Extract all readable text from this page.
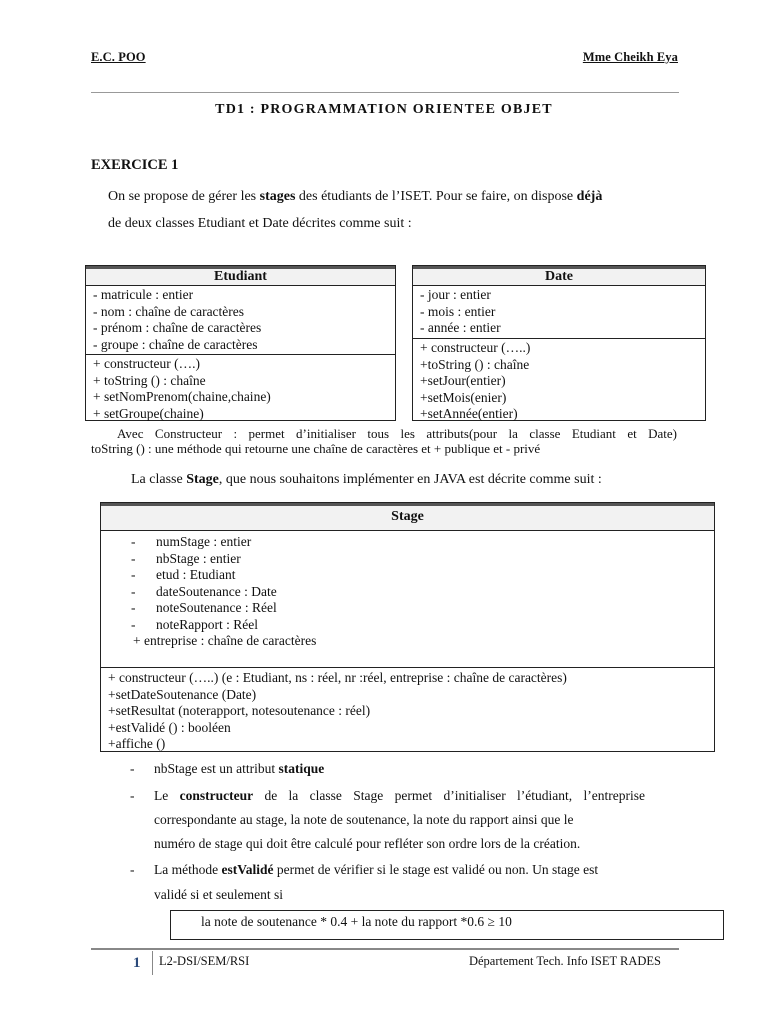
E.C. POO	Mme Cheikh Eya
TD1 : PROGRAMMATION ORIENTEE OBJET
EXERCICE 1
On se propose de gérer les stages des étudiants de l’ISET. Pour se faire, on dispose déjà
de deux classes Etudiant et Date décrites comme suit :
Etudiant
- matricule : entier
- nom : chaîne de caractères
- prénom : chaîne de caractères
- groupe : chaîne de caractères
+ constructeur (….)
+ toString () : chaîne
+ setNomPrenom(chaine,chaine)
+ setGroupe(chaine)
Date
- jour : entier
- mois : entier
- année : entier
+ constructeur (…..)
+toString () : chaîne
+setJour(entier)
+setMois(enier)
+setAnnée(entier)
Avec Constructeur : permet d’initialiser tous les attributs(pour la classe Etudiant et Date)
toString () : une méthode qui retourne une chaîne de caractères et + publique et - privé
La classe Stage, que nous souhaitons implémenter en JAVA est décrite comme suit :
Stage
- numStage : entier
- nbStage : entier
- etud : Etudiant
- dateSoutenance : Date
- noteSoutenance : Réel
- noteRapport : Réel
+ entreprise : chaîne de caractères
+ constructeur (…..) (e : Etudiant, ns : réel, nr :réel, entreprise : chaîne de caractères)
+setDateSoutenance (Date)
+setResultat (noterapport, notesoutenance : réel)
+estValidé () : booléen
+affiche ()
- nbStage est un attribut statique
- Le constructeur de la classe Stage permet d’initialiser l’étudiant, l’entreprise
correspondante au stage, la note de soutenance, la note du rapport ainsi que le
numéro de stage qui doit être calculé pour refléter son ordre lors de la création.
- La méthode estValidé permet de vérifier si le stage est validé ou non. Un stage est
validé si et seulement si
la note de soutenance * 0.4 + la note du rapport *0.6 ≥ 10
1 L2-DSI/SEM/RSI	Département Tech. Info ISET RADES
